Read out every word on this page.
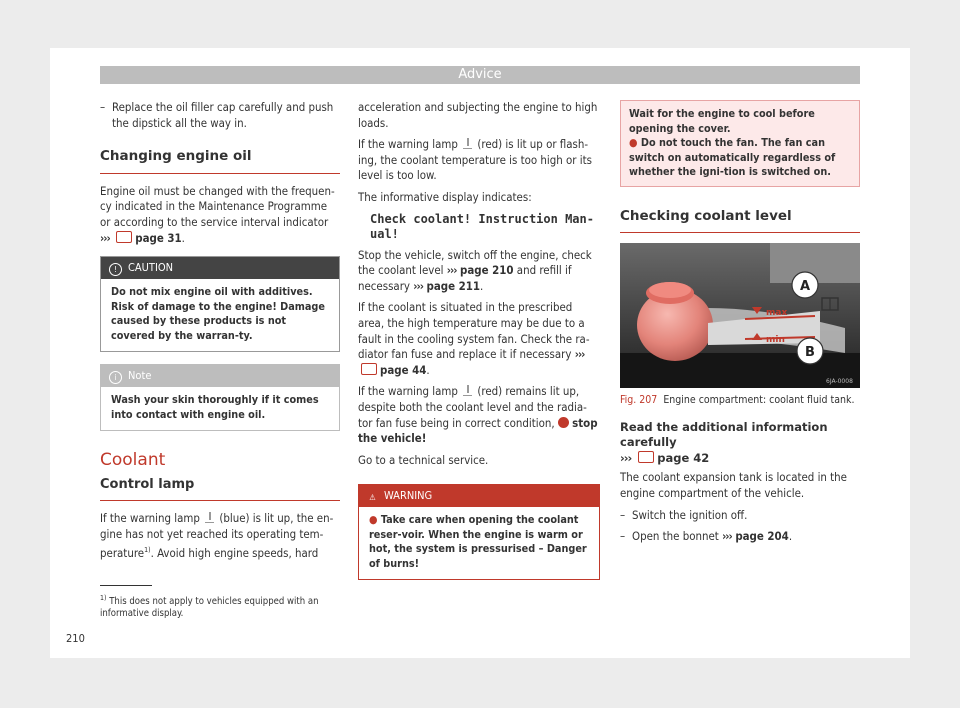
Advice
– Replace the oil filler cap carefully and push the dipstick all the way in.
Changing engine oil

Engine oil must be changed with the frequen-cy indicated in the Maintenance Programme or according to the service interval indicator ››› page 31.

! CAUTION
Do not mix engine oil with additives. Risk of damage to the engine! Damage caused by these products is not covered by the warran-ty.
i Note
Wash your skin thoroughly if it comes into contact with engine oil.
Coolant
Control lamp

If the warning lamp (blue) is lit up, the en-gine has not yet reached its operating tem-perature$^{1)}$. Avoid high engine speeds, hard

acceleration and subjecting the engine to high loads.

If the warning lamp (red) is lit up or flash-ing, the coolant temperature is too high or its level is too low.

The informative display indicates:

Check coolant! Instruction Man-ual!

Stop the vehicle, switch off the engine, check the coolant level ››› page 210 and refill if necessary ››› page 211.

If the coolant is situated in the prescribed area, the high temperature may be due to a fault in the cooling system fan. Check the ra-diator fan fuse and replace it if necessary ››› page 44.

If the warning lamp (red) remains lit up, despite both the coolant level and the radia-tor fan fuse being in correct condition, stop the vehicle!

Go to a technical service.

⚠ WARNING
● Take care when opening the coolant reser-voir. When the engine is warm or hot, the system is pressurised – Danger of burns!
Wait for the engine to cool before opening the cover.
● Do not touch the fan. The fan can switch on automatically regardless of whether the igni-tion is switched on.
Checking coolant level
max
min
A
B
6JA-0008
Fig. 207 Engine compartment: coolant fluid tank.
Read the additional information carefully
››› page 42

The coolant expansion tank is located in the engine compartment of the vehicle.

– Switch the ignition off.
– Open the bonnet ››› page 204.
$^{1)}$ This does not apply to vehicles equipped with an informative display.
210
